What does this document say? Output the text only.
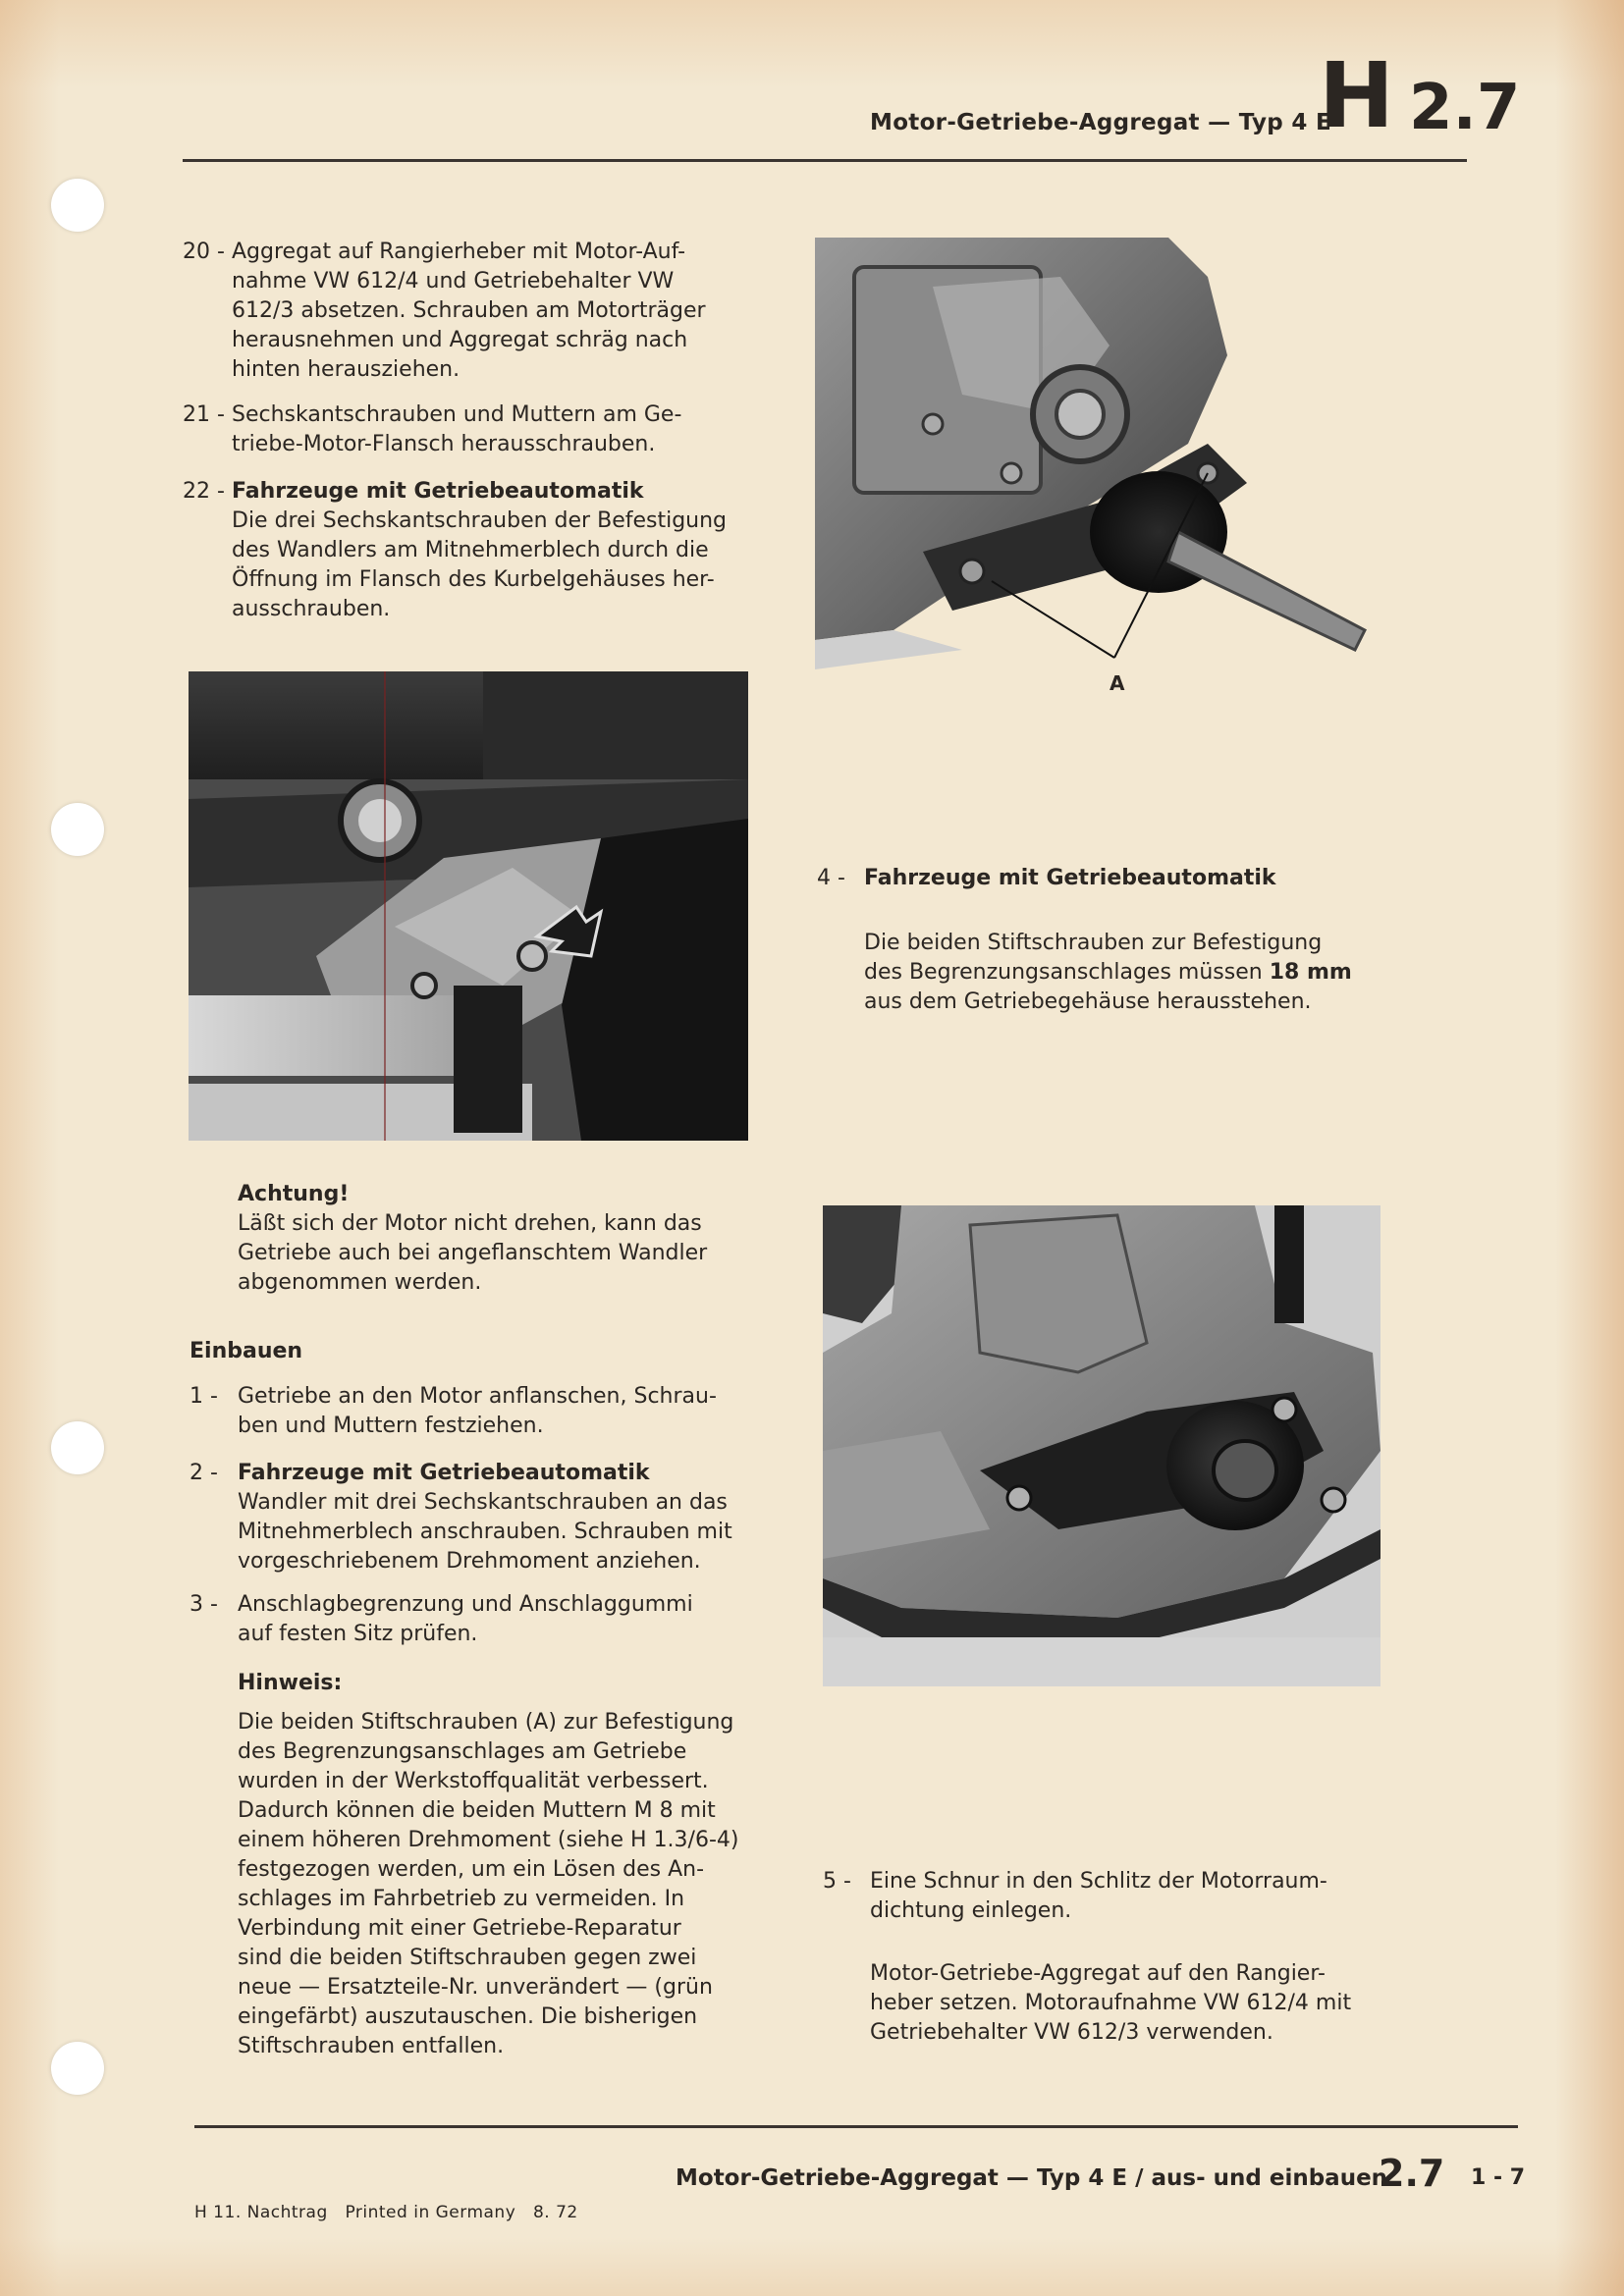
Motor-Getriebe-Aggregat — Typ 4 E
H 2.7
20 - Aggregat auf Rangierheber mit Motor-Auf-
nahme VW 612/4 und Getriebehalter VW
612/3 absetzen. Schrauben am Motorträger
herausnehmen und Aggregat schräg nach
hinten herausziehen.
21 - Sechskantschrauben und Muttern am Ge-
triebe-Motor-Flansch herausschrauben.
22 - Fahrzeuge mit Getriebeautomatik
Die drei Sechskantschrauben der Befestigung
des Wandlers am Mitnehmerblech durch die
Öffnung im Flansch des Kurbelgehäuses her-
ausschrauben.
A
4 - Fahrzeuge mit Getriebeautomatik
Die beiden Stiftschrauben zur Befestigung
des Begrenzungsanschlages müssen 18 mm
aus dem Getriebegehäuse herausstehen.
Achtung!
Läßt sich der Motor nicht drehen, kann das
Getriebe auch bei angeflanschtem Wandler
abgenommen werden.
Einbauen
1 - Getriebe an den Motor anflanschen, Schrau-
ben und Muttern festziehen.
2 - Fahrzeuge mit Getriebeautomatik
Wandler mit drei Sechskantschrauben an das
Mitnehmerblech anschrauben. Schrauben mit
vorgeschriebenem Drehmoment anziehen.
3 - Anschlagbegrenzung und Anschlaggummi
auf festen Sitz prüfen.
Hinweis:
Die beiden Stiftschrauben (A) zur Befestigung
des Begrenzungsanschlages am Getriebe
wurden in der Werkstoffqualität verbessert.
Dadurch können die beiden Muttern M 8 mit
einem höheren Drehmoment (siehe H 1.3/6-4)
festgezogen werden, um ein Lösen des An-
schlages im Fahrbetrieb zu vermeiden. In
Verbindung mit einer Getriebe-Reparatur
sind die beiden Stiftschrauben gegen zwei
neue — Ersatzteile-Nr. unverändert — (grün
eingefärbt) auszutauschen. Die bisherigen
Stiftschrauben entfallen.
5 - Eine Schnur in den Schlitz der Motorraum-
dichtung einlegen.
Motor-Getriebe-Aggregat auf den Rangier-
heber setzen. Motoraufnahme VW 612/4 mit
Getriebehalter VW 612/3 verwenden.
Motor-Getriebe-Aggregat — Typ 4 E / aus- und einbauen
2.7 1 - 7
H 11. Nachtrag   Printed in Germany   8. 72
